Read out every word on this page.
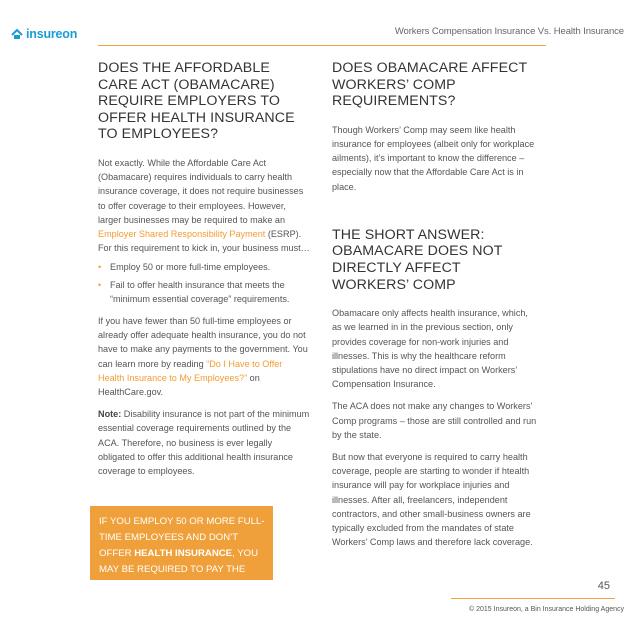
insureon	Workers Compensation Insurance Vs. Health Insurance
DOES THE AFFORDABLE CARE ACT (OBAMACARE) REQUIRE EMPLOYERS TO OFFER HEALTH INSURANCE TO EMPLOYEES?

Not exactly. While the Affordable Care Act (Obamacare) requires individuals to carry health insurance coverage, it does not require businesses to offer coverage to their employees. However, larger businesses may be required to make an Employer Shared Responsibility Payment (ESRP). For this requirement to kick in, your business must…

• Employ 50 or more full-time employees.
• Fail to offer health insurance that meets the “minimum essential coverage” requirements.

If you have fewer than 50 full-time employees or already offer adequate health insurance, you do not have to make any payments to the government. You can learn more by reading “Do I Have to Offer Health Insurance to My Employees?” on HealthCare.gov.

Note: Disability insurance is not part of the minimum essential coverage requirements outlined by the ACA. Therefore, no business is ever legally obligated to offer this additional health insurance coverage to employees.

IF YOU EMPLOY 50 OR MORE FULL-TIME EMPLOYEES AND DON’T OFFER HEALTH INSURANCE, YOU MAY BE REQUIRED TO PAY THE ESRP.

DOES OBAMACARE AFFECT WORKERS’ COMP REQUIREMENTS?

Though Workers’ Comp may seem like health insurance for employees (albeit only for workplace ailments), it’s important to know the difference – especially now that the Affordable Care Act is in place.

THE SHORT ANSWER: OBAMACARE DOES NOT DIRECTLY AFFECT WORKERS’ COMP

Obamacare only affects health insurance, which, as we learned in in the previous section, only provides coverage for non-work injuries and illnesses. This is why the healthcare reform stipulations have no direct impact on Workers’ Compensation Insurance.

The ACA does not make any changes to Workers’ Comp programs – those are still controlled and run by the state.

But now that everyone is required to carry health coverage, people are starting to wonder if htealth insurance will pay for workplace injuries and illnesses. After all, freelancers, independent contractors, and other small-business owners are typically excluded from the mandates of state Workers’ Comp laws and therefore lack coverage.

45
© 2015 Insureon, a Bin Insurance Holding Agency
